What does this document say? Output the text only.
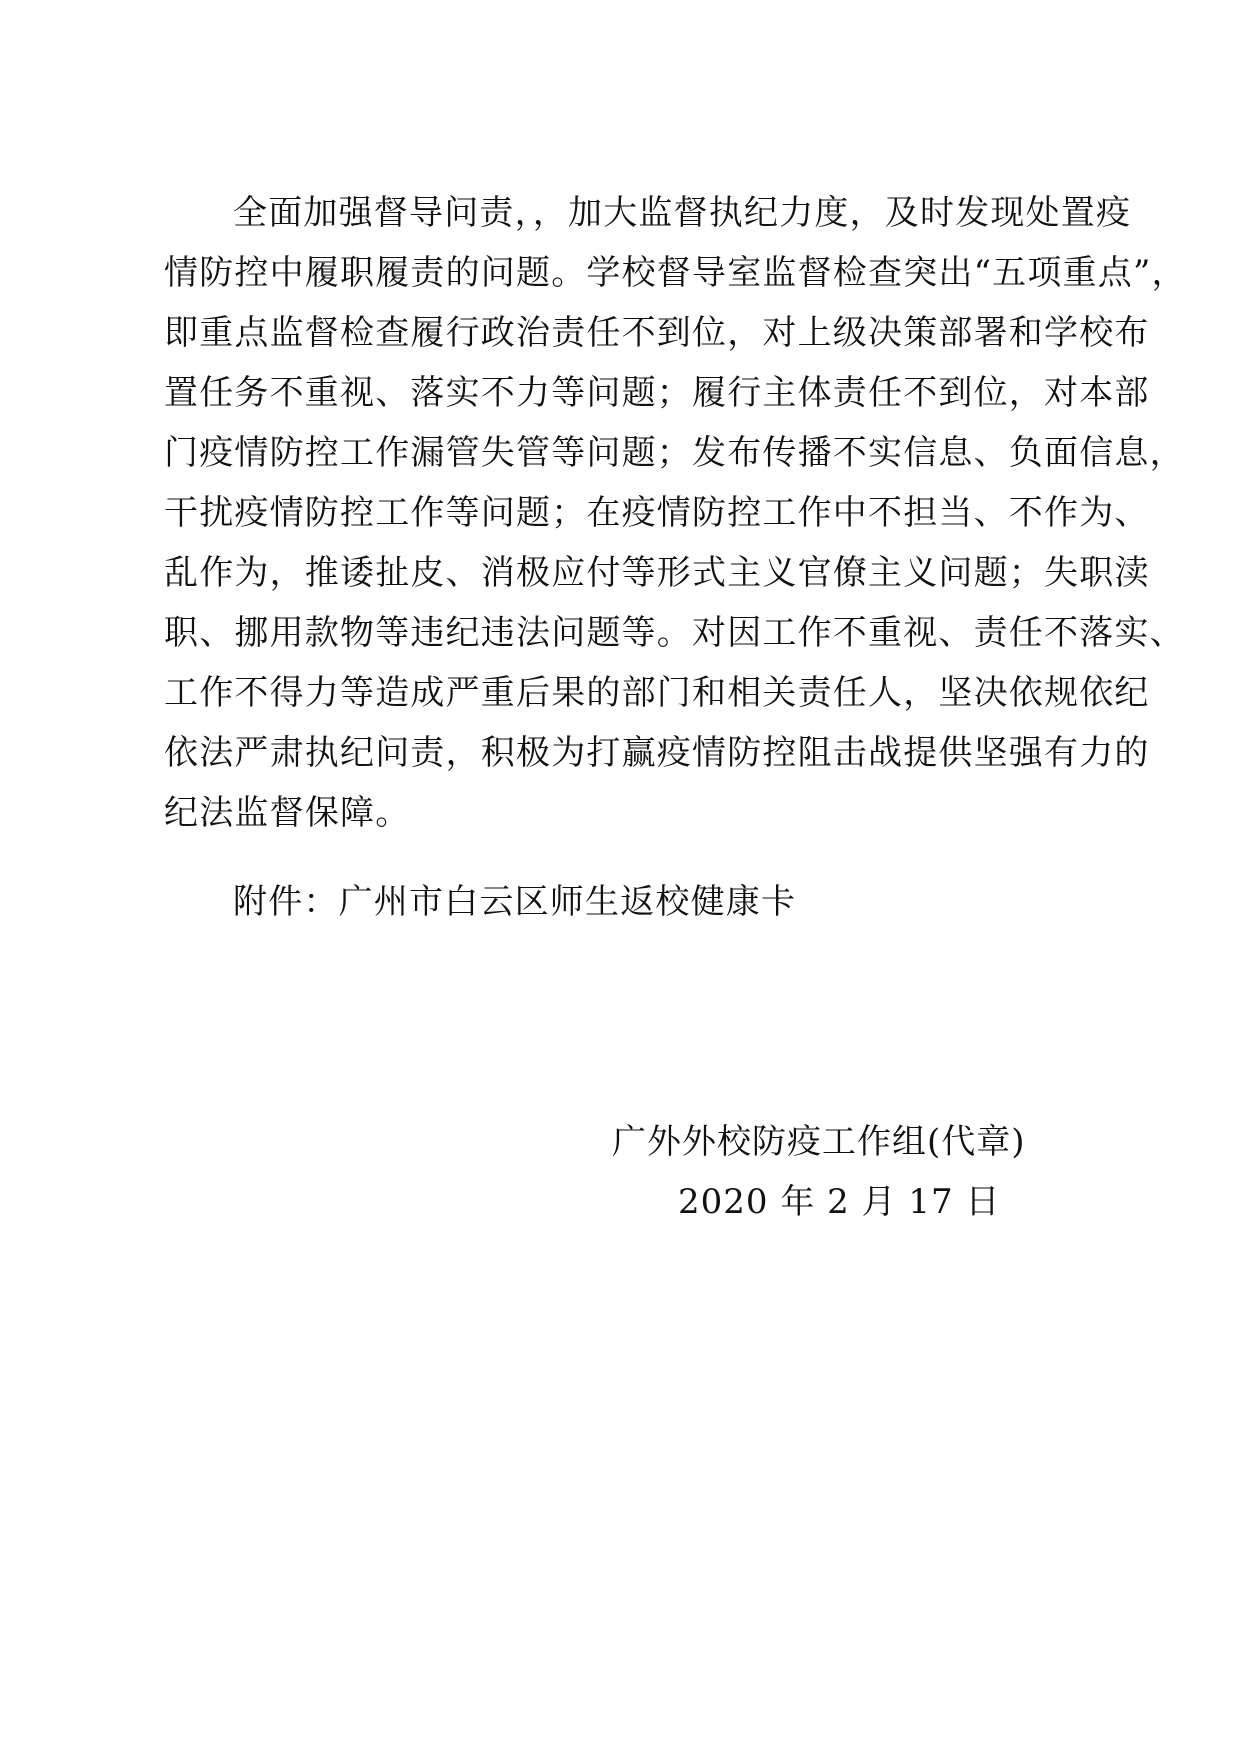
全面加强督导问责，，加大监督执纪力度，及时发现处置疫
情防控中履职履责的问题。学校督导室监督检查突出“五项重点”，
即重点监督检查履行政治责任不到位，对上级决策部署和学校布
置任务不重视、落实不力等问题；履行主体责任不到位，对本部
门疫情防控工作漏管失管等问题；发布传播不实信息、负面信息，
干扰疫情防控工作等问题；在疫情防控工作中不担当、不作为、
乱作为，推诿扯皮、消极应付等形式主义官僚主义问题；失职渎
职、挪用款物等违纪违法问题等。对因工作不重视、责任不落实、
工作不得力等造成严重后果的部门和相关责任人，坚决依规依纪
依法严肃执纪问责，积极为打赢疫情防控阻击战提供坚强有力的
纪法监督保障。
附件：广州市白云区师生返校健康卡
广外外校防疫工作组(代章)
2020 年 2 月 17 日
